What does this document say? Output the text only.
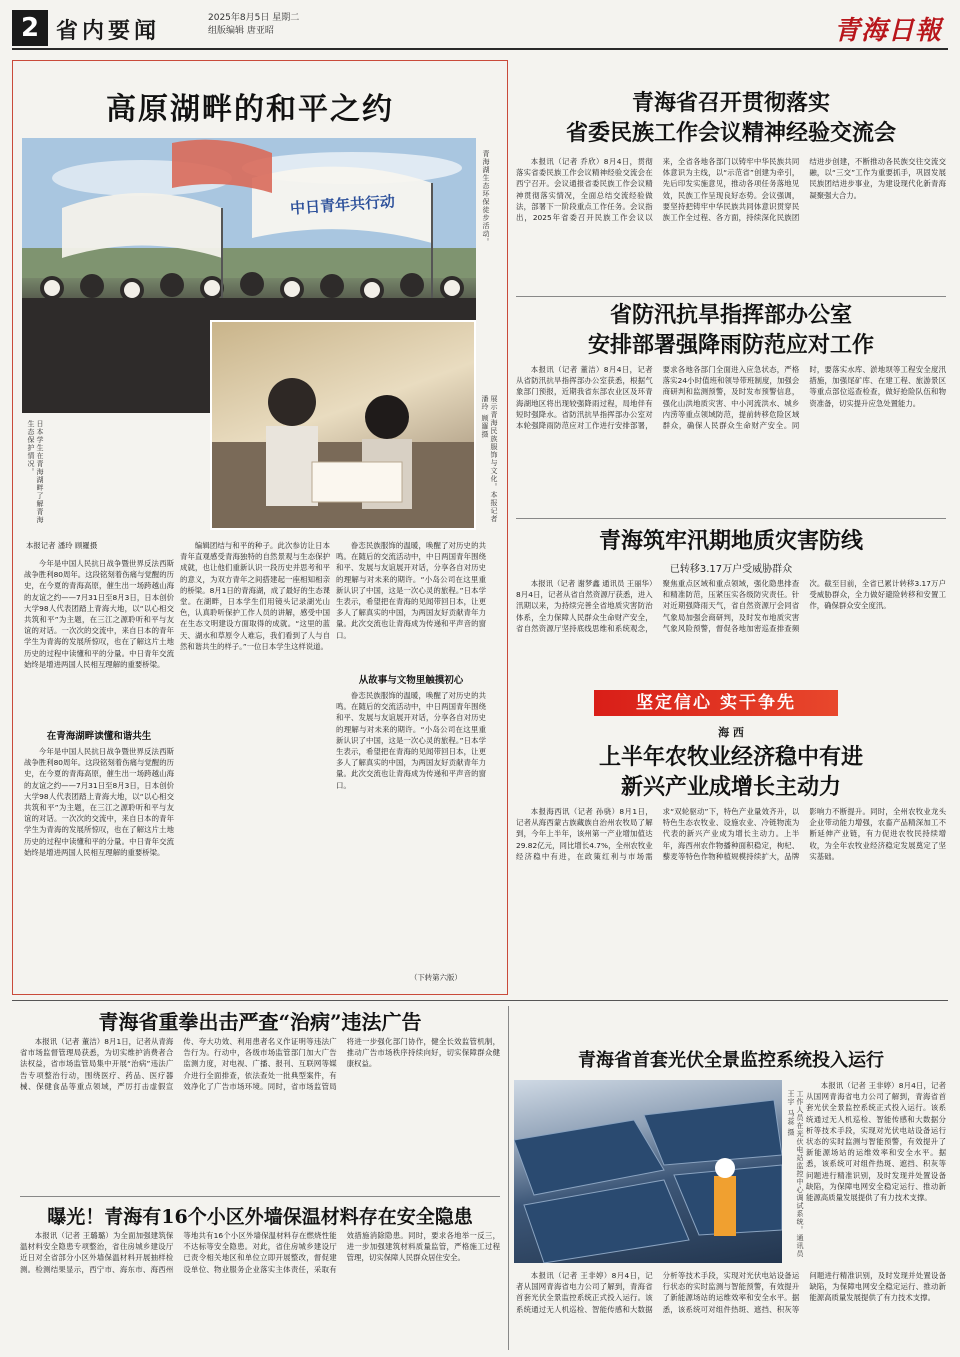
2 省内要闻
2025年8月5日 星期二
组版编辑 唐亚昭	青海日報
高原湖畔的和平之约
中日青年共行动	青海湖生态环保徒步活动。
日本学生在青海湖畔了解青海生态保护情况。	展示青海民族服饰与文化。本报记者 潘玲 顾羅摄
本报记者 潘玲 顾羅摄

今年是中国人民抗日战争暨世界反法西斯战争胜利80周年。这段铭刻着伤痛与觉醒的历史，在今夏的青海高原，催生出一场跨越山海的友谊之约——7月31日至8月3日，日本创价大学98人代表团踏上青海大地，以“以心相交 共筑和平”为主题，在三江之源聆听和平与友谊的对话。一次次的交流中，来自日本的青年学生为青海的发展所惊叹，也在了解这片土地历史的过程中读懂和平的分量。中日青年交流始终是增进两国人民相互理解的重要桥梁。

在青海湖畔读懂和谐共生

今年是中国人民抗日战争暨世界反法西斯战争胜利80周年。这段铭刻着伤痛与觉醒的历史，在今夏的青海高原，催生出一场跨越山海的友谊之约——7月31日至8月3日，日本创价大学98人代表团踏上青海大地，以“以心相交 共筑和平”为主题，在三江之源聆听和平与友谊的对话。一次次的交流中，来自日本的青年学生为青海的发展所惊叹，也在了解这片土地历史的过程中读懂和平的分量。中日青年交流始终是增进两国人民相互理解的重要桥梁。

编辑团结与和平的种子。此次参访让日本青年直观感受青海独特的自然景观与生态保护成就，也让他们重新认识一段历史并思考和平的意义，为双方青年之间搭建起一座相知相亲的桥梁。8月1日的青海湖，成了最好的生态课堂。在湖畔，日本学生们用镜头记录湖光山色，认真聆听保护工作人员的讲解，感受中国在生态文明建设方面取得的成就。“这里的蓝天、湖水和草原令人难忘，我们看到了人与自然和谐共生的样子。”一位日本学生这样说道。

眷恋民族服饰的温暖，唤醒了对历史的共鸣。在随后的交流活动中，中日两国青年围绕和平、发展与友谊展开对话，分享各自对历史的理解与对未来的期许。“小岛公司在这里重新认识了中国，这是一次心灵的旅程。”日本学生表示，希望把在青海的见闻带回日本，让更多人了解真实的中国，为两国友好贡献青年力量。此次交流也让青海成为传递和平声音的窗口。

从故事与文物里触摸初心

眷恋民族服饰的温暖，唤醒了对历史的共鸣。在随后的交流活动中，中日两国青年围绕和平、发展与友谊展开对话，分享各自对历史的理解与对未来的期许。“小岛公司在这里重新认识了中国，这是一次心灵的旅程。”日本学生表示，希望把在青海的见闻带回日本，让更多人了解真实的中国，为两国友好贡献青年力量。此次交流也让青海成为传递和平声音的窗口。

（下转第六版）
青海省召开贯彻落实
省委民族工作会议精神经验交流会

本报讯（记者 乔欣）8月4日，贯彻落实省委民族工作会议精神经验交流会在西宁召开。会议通报省委民族工作会议精神贯彻落实情况，全面总结交流经验做法，部署下一阶段重点工作任务。会议指出，2025年省委召开民族工作会议以来，全省各地各部门以铸牢中华民族共同体意识为主线，以“示范省”创建为牵引，先后印发实施意见，推动各项任务落地见效，民族工作呈现良好态势。会议强调，要坚持把铸牢中华民族共同体意识贯穿民族工作全过程、各方面，持续深化民族团结进步创建，不断推动各民族交往交流交融，以“三交”工作为重要抓手，巩固发展民族团结进步事业，为建设现代化新青海凝聚强大合力。

省防汛抗旱指挥部办公室
安排部署强降雨防范应对工作

本报讯（记者 董洁）8月4日，记者从省防汛抗旱指挥部办公室获悉，根据气象部门预报，近期我省东部农业区及环青海湖地区将出现较强降雨过程，局地伴有短时强降水。省防汛抗旱指挥部办公室对本轮强降雨防范应对工作进行安排部署，要求各地各部门全面进入应急状态，严格落实24小时值班和领导带班制度，加强会商研判和监测预警，及时发布预警信息，强化山洪地质灾害、中小河流洪水、城乡内涝等重点领域防范，提前转移危险区域群众，确保人民群众生命财产安全。同时，要落实水库、淤地坝等工程安全度汛措施，加强尾矿库、在建工程、旅游景区等重点部位巡查检查，做好抢险队伍和物资准备，切实提升应急处置能力。

青海筑牢汛期地质灾害防线
已转移3.17万户受威胁群众

本报讯（记者 谢梦鑫 通讯员 王丽华）8月4日，记者从省自然资源厅获悉，进入汛期以来，为持续完善全省地质灾害防治体系，全力保障人民群众生命财产安全，省自然资源厅坚持底线思维和系统观念，聚焦重点区域和重点领域，强化隐患排查和精准防范，压紧压实各级防灾责任。针对近期强降雨天气，省自然资源厅会同省气象局加强会商研判，及时发布地质灾害气象风险预警，督促各地加密巡查排查频次。截至目前，全省已累计转移3.17万户受威胁群众，全力做好避险转移和安置工作，确保群众安全度汛。

坚定信心 实干争先
海 西
上半年农牧业经济稳中有进
新兴产业成增长主动力

本报海西讯（记者 孙骁）8月1日，记者从海西蒙古族藏族自治州农牧局了解到，今年上半年，该州第一产业增加值达29.82亿元，同比增长4.7%，全州农牧业经济稳中有进，在政策红利与市场需求“双轮驱动”下，特色产业量效齐升，以特色生态农牧业、设施农业、冷链物流为代表的新兴产业成为增长主动力。上半年，海西州农作物播种面积稳定，枸杞、藜麦等特色作物种植规模持续扩大，品牌影响力不断提升。同时，全州农牧业龙头企业带动能力增强，农畜产品精深加工不断延伸产业链，有力促进农牧民持续增收，为全年农牧业经济稳定发展奠定了坚实基础。

青海省重拳出击严查“治病”违法广告

本报讯（记者 董洁）8月1日，记者从青海省市场监督管理局获悉，为切实维护消费者合法权益，省市场监管局集中开展“治病”违法广告专项整治行动，围绕医疗、药品、医疗器械、保健食品等重点领域，严厉打击虚假宣传、夸大功效、利用患者名义作证明等违法广告行为。行动中，各级市场监管部门加大广告监测力度，对电视、广播、报刊、互联网等媒介进行全面排查，依法查处一批典型案件，有效净化了广告市场环境。同时，省市场监管局将进一步强化部门协作，健全长效监管机制，推动广告市场秩序持续向好，切实保障群众健康权益。

曝光！青海有16个小区外墙保温材料存在安全隐患

本报讯（记者 王璐璐）为全面加强建筑保温材料安全隐患专项整治，省住房城乡建设厅近日对全省部分小区外墙保温材料开展抽样检测。检测结果显示，西宁市、海东市、海西州等地共有16个小区外墙保温材料存在燃烧性能不达标等安全隐患。对此，省住房城乡建设厅已责令相关地区和单位立即开展整改，督促建设单位、物业服务企业落实主体责任，采取有效措施消除隐患。同时，要求各地举一反三，进一步加强建筑材料质量监管，严格施工过程管理，切实保障人民群众居住安全。

青海省首套光伏全景监控系统投入运行
工作人员在光伏电站监控中心调试系统。通讯员 王宇 马蕊 摄

本报讯（记者 王非婷）8月4日，记者从国网青海省电力公司了解到，青海省首套光伏全景监控系统正式投入运行。该系统通过无人机巡检、智能传感和大数据分析等技术手段，实现对光伏电站设备运行状态的实时监测与智能预警，有效提升了新能源场站的运维效率和安全水平。据悉，该系统可对组件热斑、遮挡、积灰等问题进行精准识别，及时发现并处置设备缺陷，为保障电网安全稳定运行、推动新能源高质量发展提供了有力技术支撑。

本报讯（记者 王非婷）8月4日，记者从国网青海省电力公司了解到，青海省首套光伏全景监控系统正式投入运行。该系统通过无人机巡检、智能传感和大数据分析等技术手段，实现对光伏电站设备运行状态的实时监测与智能预警，有效提升了新能源场站的运维效率和安全水平。据悉，该系统可对组件热斑、遮挡、积灰等问题进行精准识别，及时发现并处置设备缺陷，为保障电网安全稳定运行、推动新能源高质量发展提供了有力技术支撑。
